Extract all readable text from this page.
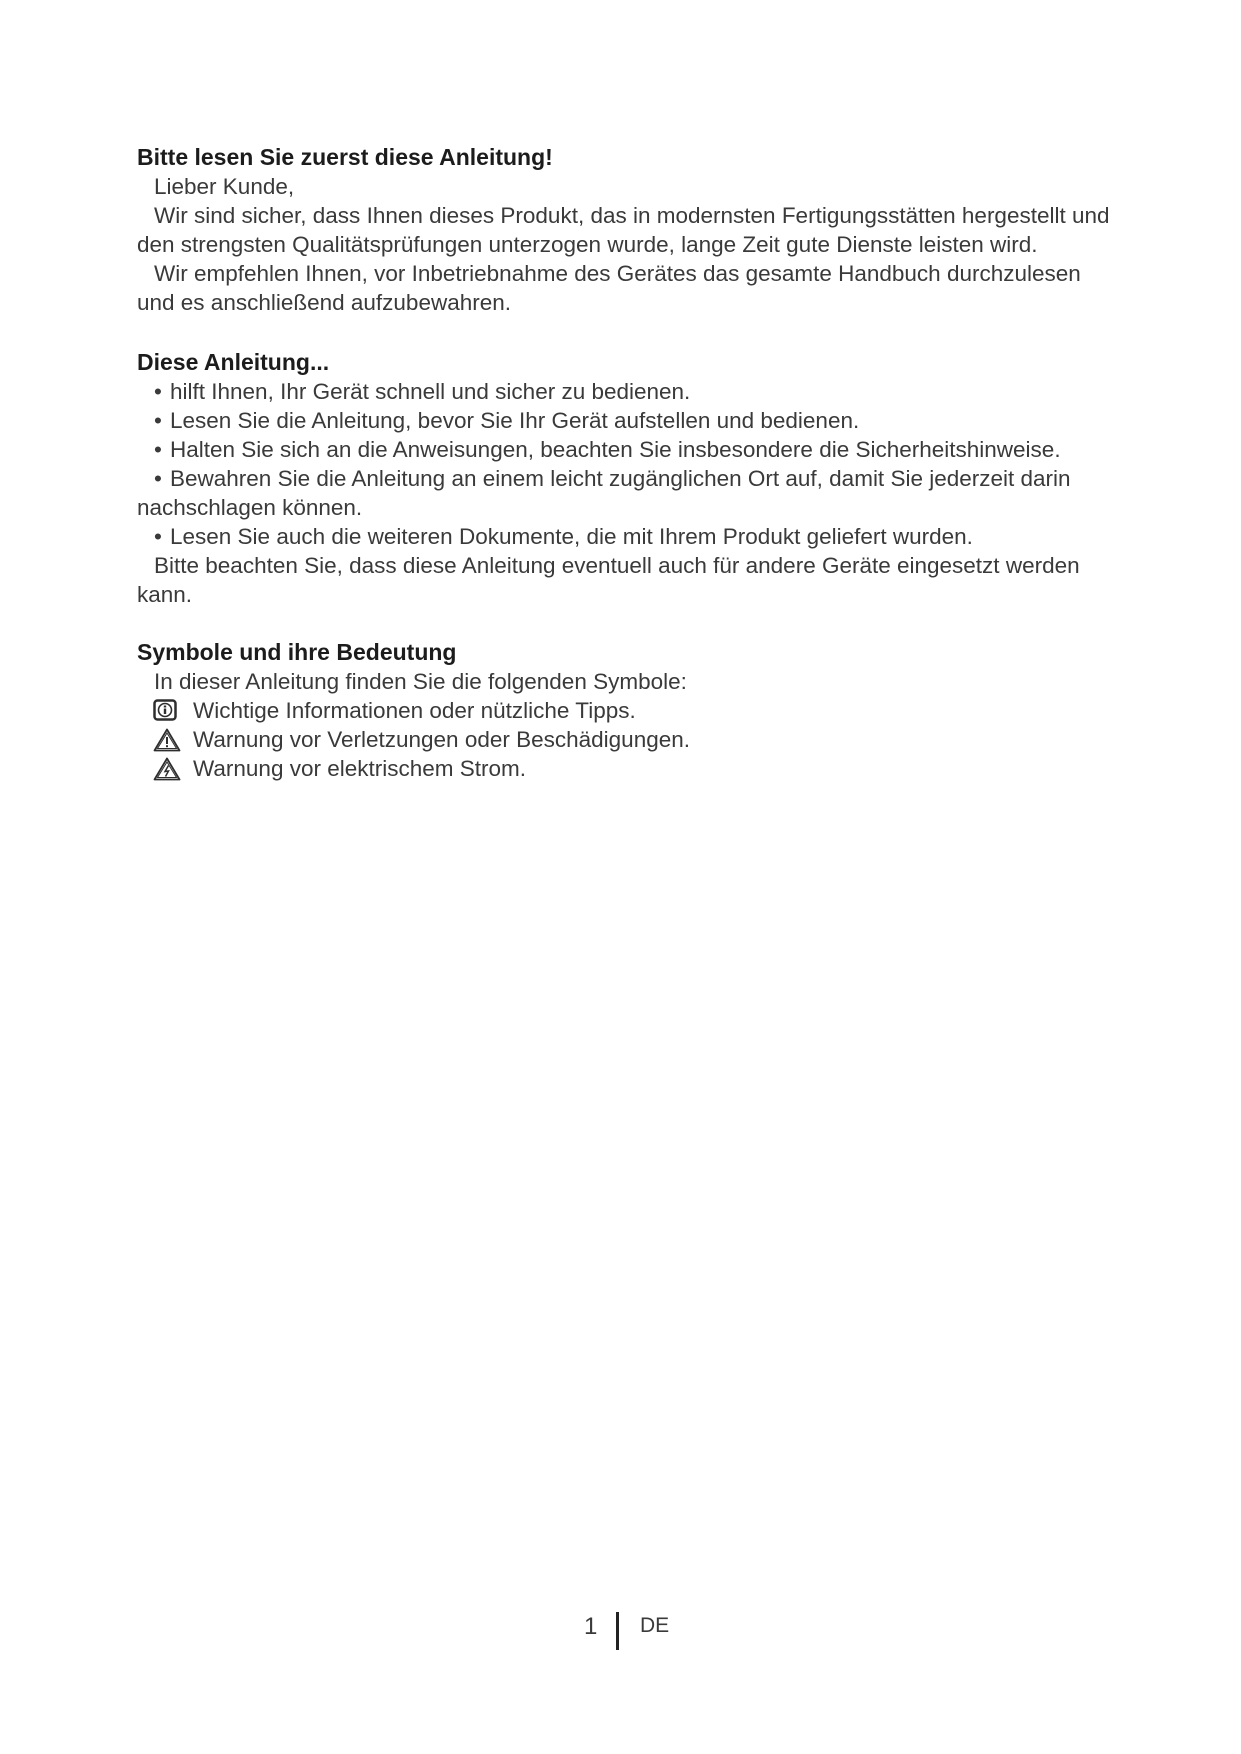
Bitte lesen Sie zuerst diese Anleitung!
Lieber Kunde,
Wir sind sicher, dass Ihnen dieses Produkt, das in modernsten Fertigungsstätten hergestellt und den strengsten Qualitätsprüfungen unterzogen wurde, lange Zeit gute Dienste leisten wird.
Wir empfehlen Ihnen, vor Inbetriebnahme des Gerätes das gesamte Handbuch durchzulesen und es anschließend aufzubewahren.
Diese Anleitung...
• hilft Ihnen, Ihr Gerät schnell und sicher zu bedienen.
• Lesen Sie die Anleitung, bevor Sie Ihr Gerät aufstellen und bedienen.
• Halten Sie sich an die Anweisungen, beachten Sie insbesondere die Sicherheitshinweise.
• Bewahren Sie die Anleitung an einem leicht zugänglichen Ort auf, damit Sie jederzeit darin nachschlagen können.
• Lesen Sie auch die weiteren Dokumente, die mit Ihrem Produkt geliefert wurden.
Bitte beachten Sie, dass diese Anleitung eventuell auch für andere Geräte eingesetzt werden kann.
Symbole und ihre Bedeutung
In dieser Anleitung finden Sie die folgenden Symbole:
Wichtige Informationen oder nützliche Tipps.
Warnung vor Verletzungen oder Beschädigungen.
Warnung vor elektrischem Strom.
1 DE
